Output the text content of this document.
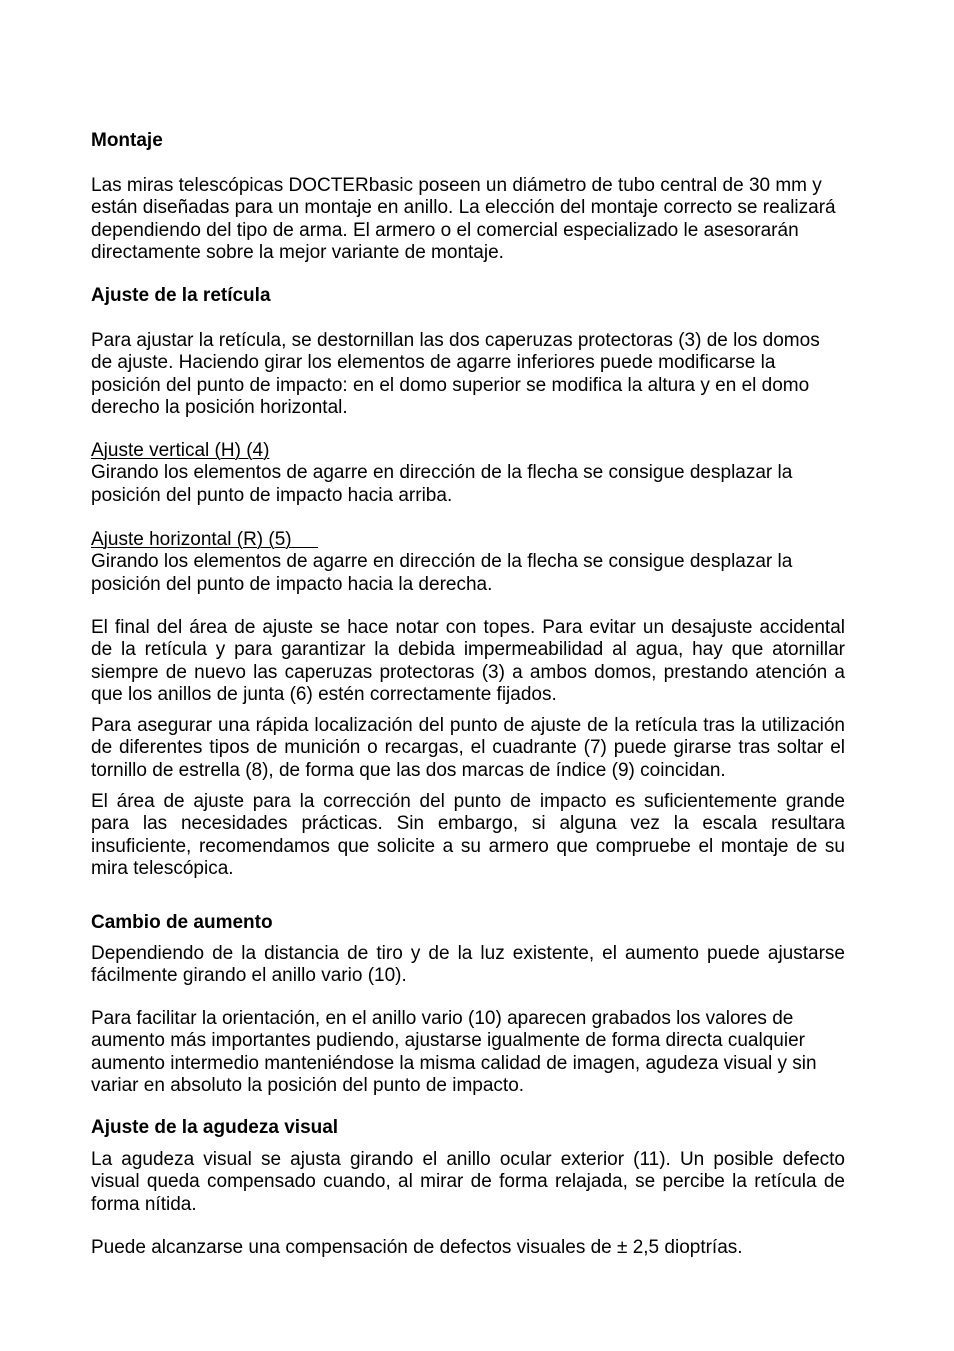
Montaje
Las miras telescópicas DOCTERbasic poseen un diámetro de tubo central de 30 mm y
están diseñadas para un montaje en anillo. La elección del montaje correcto se realizará
dependiendo del tipo de arma. El armero o el comercial especializado le asesorarán
directamente sobre la mejor variante de montaje.
Ajuste de la retícula
Para ajustar la retícula, se destornillan las dos caperuzas protectoras (3) de los domos
de ajuste. Haciendo girar los elementos de agarre inferiores puede modificarse la
posición del punto de impacto: en el domo superior se modifica la altura y en el domo
derecho la posición horizontal.
Ajuste vertical (H) (4)
Girando los elementos de agarre en dirección de la flecha se consigue desplazar la
posición del punto de impacto hacia arriba.
Ajuste horizontal (R) (5)
Girando los elementos de agarre en dirección de la flecha se consigue desplazar la
posición del punto de impacto hacia la derecha.
El final del área de ajuste se hace notar con topes. Para evitar un desajuste accidental
de la retícula y para garantizar la debida impermeabilidad al agua, hay que atornillar
siempre de nuevo las caperuzas protectoras (3) a ambos domos, prestando atención a
que los anillos de junta (6) estén correctamente fijados.
Para asegurar una rápida localización del punto de ajuste de la retícula tras la utilización
de diferentes tipos de munición o recargas, el cuadrante (7) puede girarse tras soltar el
tornillo de estrella (8), de forma que las dos marcas de índice (9) coincidan.
El área de ajuste para la corrección del punto de impacto es suficientemente grande
para las necesidades prácticas. Sin embargo, si alguna vez la escala resultara
insuficiente, recomendamos que solicite a su armero que compruebe el montaje de su
mira telescópica.
Cambio de aumento
Dependiendo de la distancia de tiro y de la luz existente, el aumento puede ajustarse
fácilmente girando el anillo vario (10).
Para facilitar la orientación, en el anillo vario (10) aparecen grabados los valores de
aumento más importantes pudiendo, ajustarse igualmente de forma directa cualquier
aumento intermedio manteniéndose la misma calidad de imagen, agudeza visual y sin
variar en absoluto la posición del punto de impacto.
Ajuste de la agudeza visual
La agudeza visual se ajusta girando el anillo ocular exterior (11). Un posible defecto
visual queda compensado cuando, al mirar de forma relajada, se percibe la retícula de
forma nítida.
Puede alcanzarse una compensación de defectos visuales de ± 2,5 dioptrías.
